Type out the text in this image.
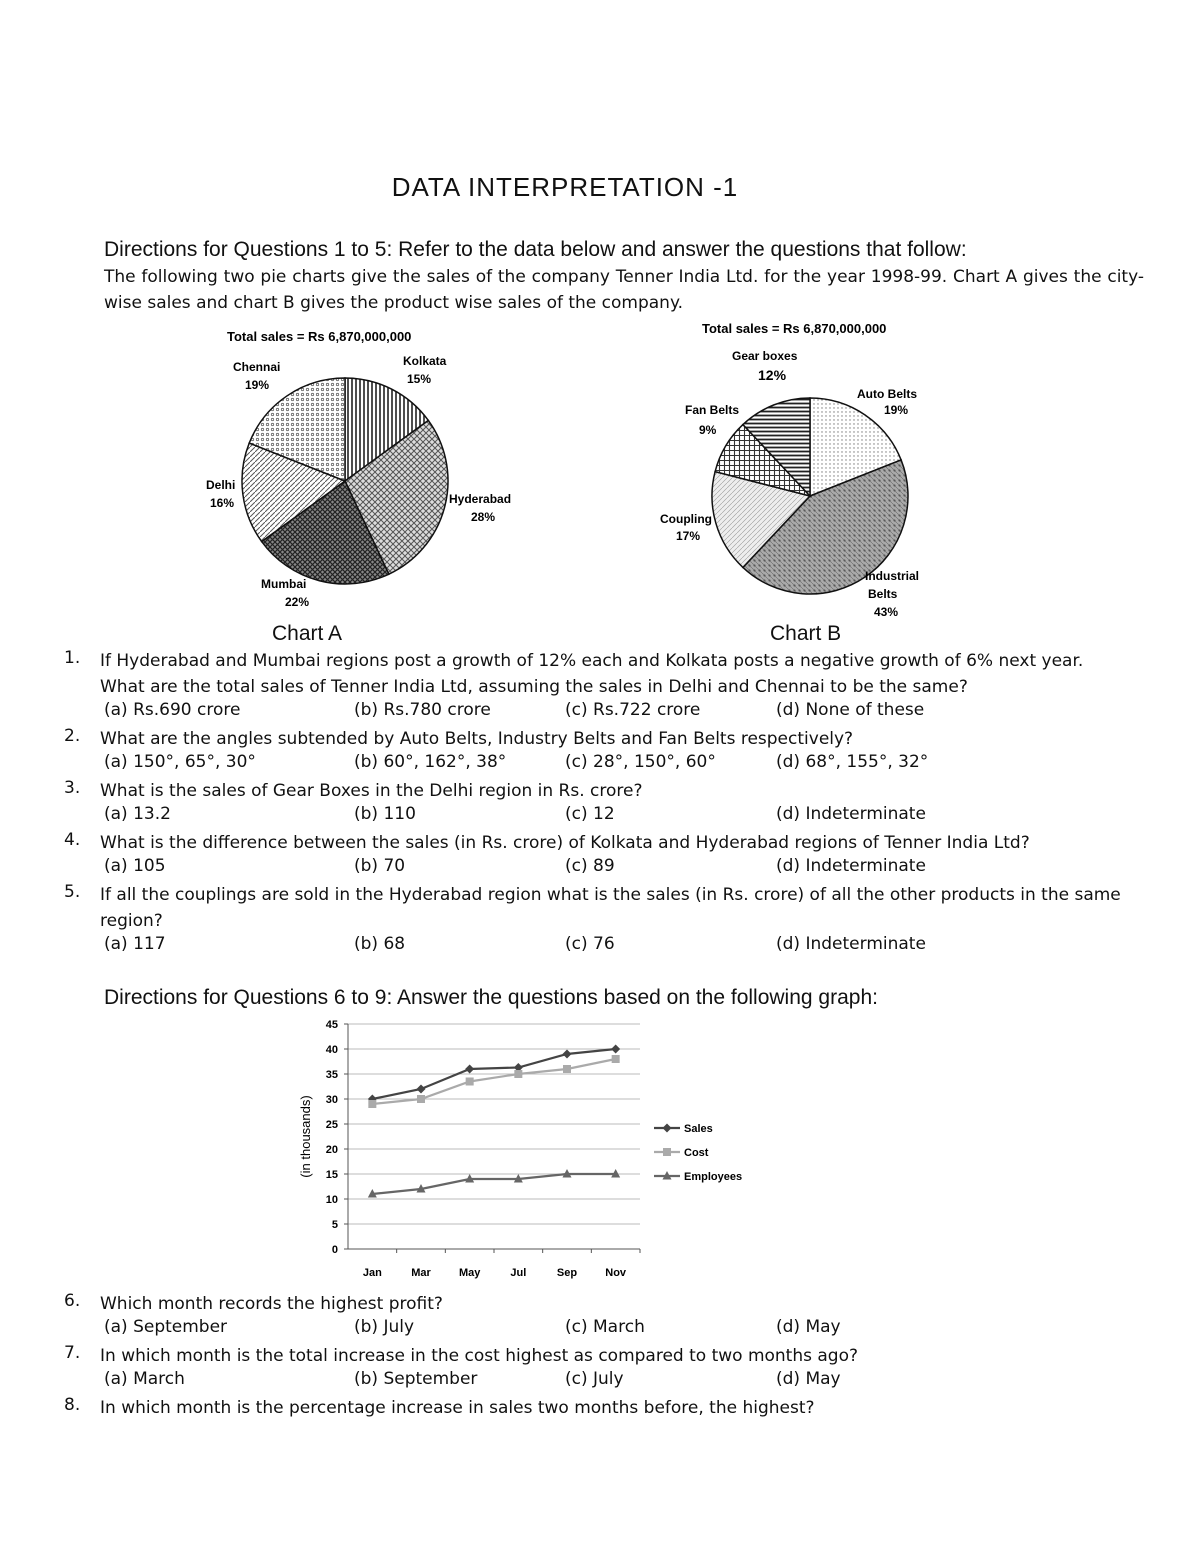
DATA INTERPRETATION -1
Directions for Questions 1 to 5: Refer to the data below and answer the questions that follow:
The following two pie charts give the sales of the company Tenner India Ltd. for the year 1998-99. Chart A gives the city-wise sales and chart B gives the product wise sales of the company.
Total sales = Rs 6,870,000,000
Kolkata
15%
Hyderabad
28%
Mumbai
22%
Delhi
16%
Chennai
19%
Chart A
Total sales = Rs 6,870,000,000
Auto Belts
19%
Industrial
Belts
43%
Coupling
17%
Fan Belts
9%
Gear boxes
12%
Chart B
1. If Hyderabad and Mumbai regions post a growth of 12% each and Kolkata posts a negative growth of 6% next year.
What are the total sales of Tenner India Ltd, assuming the sales in Delhi and Chennai to be the same?
(a) Rs.690 crore	(b) Rs.780 crore	(c) Rs.722 crore	(d) None of these
2. What are the angles subtended by Auto Belts, Industry Belts and Fan Belts respectively?
(a) 150°, 65°, 30°	(b) 60°, 162°, 38°	(c) 28°, 150°, 60°	(d) 68°, 155°, 32°
3. What is the sales of Gear Boxes in the Delhi region in Rs. crore?
(a) 13.2	(b) 110	(c) 12	(d) Indeterminate
4. What is the difference between the sales (in Rs. crore) of Kolkata and Hyderabad regions of Tenner India Ltd?
(a) 105	(b) 70	(c) 89	(d) Indeterminate
5. If all the couplings are sold in the Hyderabad region what is the sales (in Rs. crore) of all the other products in the same
region?
(a) 117	(b) 68	(c) 76	(d) Indeterminate
Directions for Questions 6 to 9: Answer the questions based on the following graph:
0
5
10
15
20
25
30
35
40
45
Jan	Mar	May	Jul	Sep	Nov
(in thousands)	Sales
Cost
Employees
6. Which month records the highest profit?
(a) September	(b) July	(c) March	(d) May
7. In which month is the total increase in the cost highest as compared to two months ago?
(a) March	(b) September	(c) July	(d) May
8. In which month is the percentage increase in sales two months before, the highest?
